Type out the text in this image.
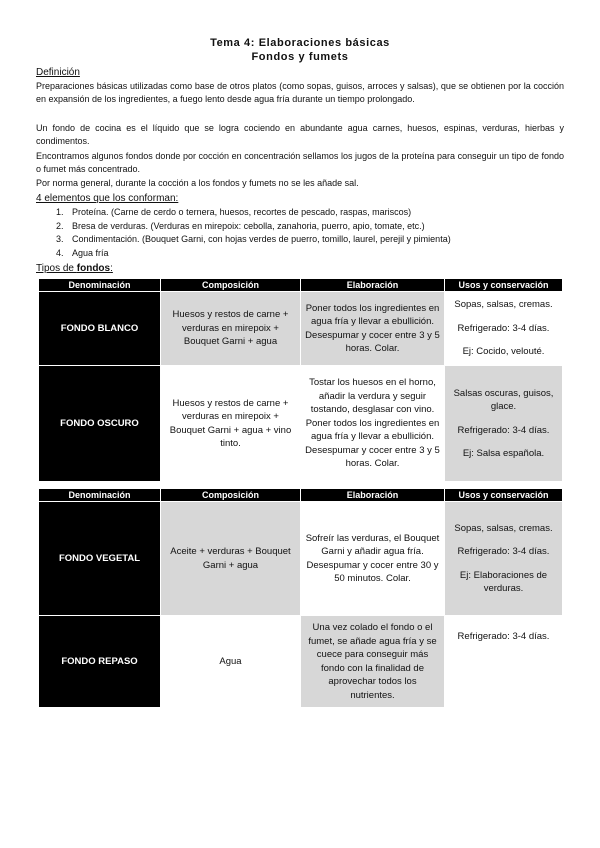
Tema 4: Elaboraciones básicas
Fondos y fumets
Definición
Preparaciones básicas utilizadas como base de otros platos (como sopas, guisos, arroces y salsas), que se obtienen por la cocción en expansión de los ingredientes, a fuego lento desde agua fría durante un tiempo prolongado.
Un fondo de cocina es el líquido que se logra cociendo en abundante agua carnes, huesos, espinas, verduras, hierbas y condimentos.
Encontramos algunos fondos donde por cocción en concentración sellamos los jugos de la proteína para conseguir un tipo de fondo o fumet más concentrado.
Por norma general, durante la cocción a los fondos y fumets no se les añade sal.
4 elementos que los conforman:
1. Proteína. (Carne de cerdo o ternera, huesos, recortes de pescado, raspas, mariscos)
2. Bresa de verduras. (Verduras en mirepoix: cebolla, zanahoria, puerro, apio, tomate, etc.)
3. Condimentación. (Bouquet Garni, con hojas verdes de puerro, tomillo, laurel, perejil y pimienta)
4. Agua fría
Tipos de fondos:
Denominación	Composición	Elaboración	Usos y conservación
FONDO BLANCO	Huesos y restos de carne + verduras en mirepoix + Bouquet Garni + agua	Poner todos los ingredientes en agua fría y llevar a ebullición. Desespumar y cocer entre 3 y 5 horas. Colar.	Sopas, salsas, cremas.
Refrigerado: 3-4 días.
Ej: Cocido, velouté.

FONDO OSCURO	Huesos y restos de carne + verduras en mirepoix + Bouquet Garni + agua + vino tinto.	Tostar los huesos en el horno, añadir la verdura y seguir tostando, desglasar con vino. Poner todos los ingredientes en agua fría y llevar a ebullición. Desespumar y cocer entre 3 y 5 horas. Colar.	Salsas oscuras, guisos, glace.
Refrigerado: 3-4 días.
Ej: Salsa española.
Denominación	Composición	Elaboración	Usos y conservación
FONDO VEGETAL	Aceite + verduras + Bouquet Garni + agua	Sofreír las verduras, el Bouquet Garni y añadir agua fría. Desespumar y cocer entre 30 y 50 minutos. Colar.	Sopas, salsas, cremas.
Refrigerado: 3-4 días.
Ej: Elaboraciones de verduras.

FONDO REPASO	Agua	Una vez colado el fondo o el fumet, se añade agua fría y se cuece para conseguir más fondo con la finalidad de aprovechar todos los nutrientes.	Refrigerado: 3-4 días.
